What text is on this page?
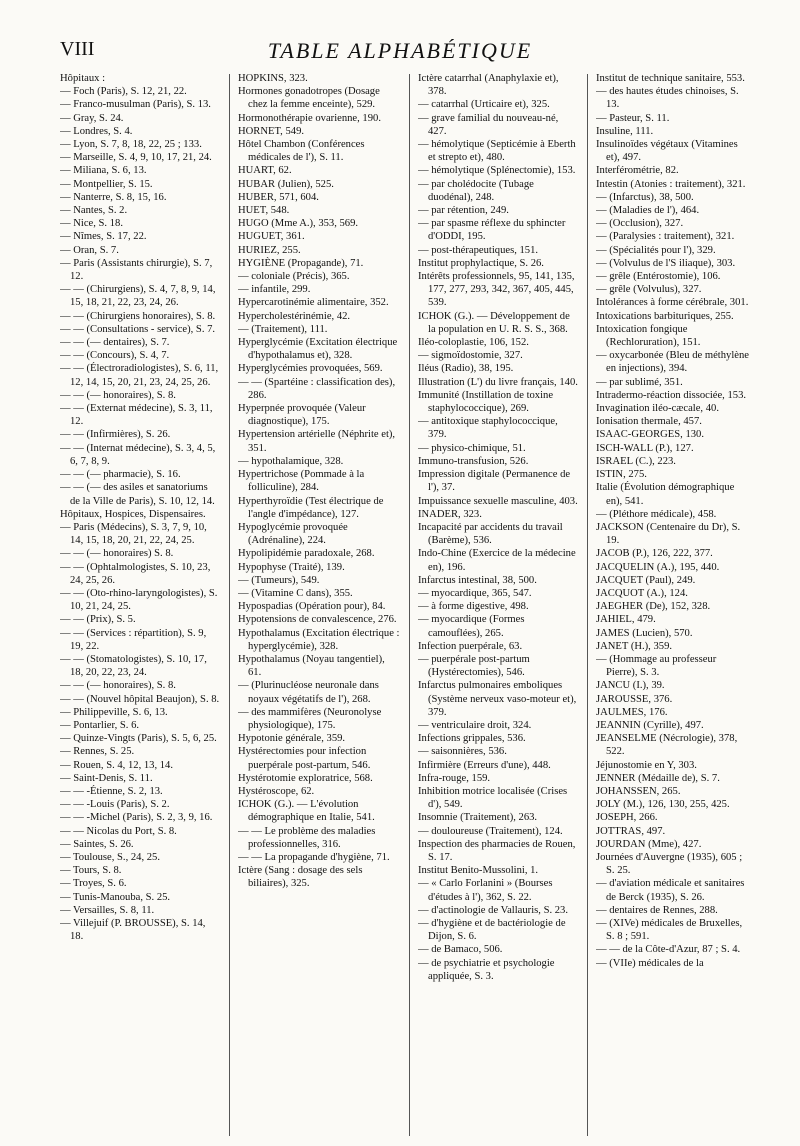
VIII	TABLE ALPHABÉTIQUE

Hôpitaux :

— Foch (Paris), S. 12, 21, 22.

— Franco-musulman (Paris), S. 13.

— Gray, S. 24.

— Londres, S. 4.

— Lyon, S. 7, 8, 18, 22, 25 ; 133.

— Marseille, S. 4, 9, 10, 17, 21, 24.

— Miliana, S. 6, 13.

— Montpellier, S. 15.

— Nanterre, S. 8, 15, 16.

— Nantes, S. 2.

— Nice, S. 18.

— Nîmes, S. 17, 22.

— Oran, S. 7.

— Paris (Assistants chirurgie), S. 7, 12.

— — (Chirurgiens), S. 4, 7, 8, 9, 14, 15, 18, 21, 22, 23, 24, 26.

— — (Chirurgiens honoraires), S. 8.

— — (Consultations - service), S. 7.

— — (— dentaires), S. 7.

— — (Concours), S. 4, 7.

— — (Électroradiologistes), S. 6, 11, 12, 14, 15, 20, 21, 23, 24, 25, 26.

— — (— honoraires), S. 8.

— — (Externat médecine), S. 3, 11, 12.

— — (Infirmières), S. 26.

— — (Internat médecine), S. 3, 4, 5, 6, 7, 8, 9.

— — (— pharmacie), S. 16.

— — (— des asiles et sanatoriums de la Ville de Paris), S. 10, 12, 14.

Hôpitaux, Hospices, Dispensaires.

— Paris (Médecins), S. 3, 7, 9, 10, 14, 15, 18, 20, 21, 22, 24, 25.

— — (— honoraires) S. 8.

— — (Ophtalmologistes, S. 10, 23, 24, 25, 26.

— — (Oto-rhino-laryngologistes), S. 10, 21, 24, 25.

— — (Prix), S. 5.

— — (Services : répartition), S. 9, 19, 22.

— — (Stomatologistes), S. 10, 17, 18, 20, 22, 23, 24.

— — (— honoraires), S. 8.

— — (Nouvel hôpital Beaujon), S. 8.

— Philippeville, S. 6, 13.

— Pontarlier, S. 6.

— Quinze-Vingts (Paris), S. 5, 6, 25.

— Rennes, S. 25.

— Rouen, S. 4, 12, 13, 14.

— Saint-Denis, S. 11.

— — -Étienne, S. 2, 13.

— — -Louis (Paris), S. 2.

— — -Michel (Paris), S. 2, 3, 9, 16.

— — Nicolas du Port, S. 8.

— Saintes, S. 26.

— Toulouse, S., 24, 25.

— Tours, S. 8.

— Troyes, S. 6.

— Tunis-Manouba, S. 25.

— Versailles, S. 8, 11.

— Villejuif (P. BROUSSE), S. 14, 18.

HOPKINS, 323.

Hormones gonadotropes (Dosage chez la femme enceinte), 529.

Hormonothérapie ovarienne, 190.

HORNET, 549.

Hôtel Chambon (Conférences médicales de l'), S. 11.

HUART, 62.

HUBAR (Julien), 525.

HUBER, 571, 604.

HUET, 548.

HUGO (Mme A.), 353, 569.

HUGUET, 361.

HURIEZ, 255.

HYGIÈNE (Propagande), 71.

— coloniale (Précis), 365.

— infantile, 299.

Hypercarotinémie alimentaire, 352.

Hypercholestérinémie, 42.

— (Traitement), 111.

Hyperglycémie (Excitation électrique d'hypothalamus et), 328.

Hyperglycémies provoquées, 569.

— — (Spartéine : classification des), 286.

Hyperpnée provoquée (Valeur diagnostique), 175.

Hypertension artérielle (Néphrite et), 351.

— hypothalamique, 328.

Hypertrichose (Pommade à la folliculine), 284.

Hyperthyroïdie (Test électrique de l'angle d'impédance), 127.

Hypoglycémie provoquée (Adrénaline), 224.

Hypolipidémie paradoxale, 268.

Hypophyse (Traité), 139.

— (Tumeurs), 549.

— (Vitamine C dans), 355.

Hypospadias (Opération pour), 84.

Hypotensions de convalescence, 276.

Hypothalamus (Excitation électrique : hyperglycémie), 328.

Hypothalamus (Noyau tangentiel), 61.

— (Plurinucléose neuronale dans noyaux végétatifs de l'), 268.

— des mammifères (Neuronolyse physiologique), 175.

Hypotonie générale, 359.

Hystérectomies pour infection puerpérale post-partum, 546.

Hystérotomie exploratrice, 568.

Hystéroscope, 62.

ICHOK (G.). — L'évolution démographique en Italie, 541.

— — Le problème des maladies professionnelles, 316.

— — La propagande d'hygiène, 71.

Ictère (Sang : dosage des sels biliaires), 325.

Ictère catarrhal (Anaphylaxie et), 378.

— catarrhal (Urticaire et), 325.

— grave familial du nouveau-né, 427.

— hémolytique (Septicémie à Eberth et strepto et), 480.

— hémolytique (Splénectomie), 153.

— par cholédocite (Tubage duodénal), 248.

— par rétention, 249.

— par spasme réflexe du sphincter d'ODDI, 195.

— post-thérapeutiques, 151.

Institut prophylactique, S. 26.

Intérêts professionnels, 95, 141, 135, 177, 277, 293, 342, 367, 405, 445, 539.

ICHOK (G.). — Développement de la population en U. R. S. S., 368.

Iléo-coloplastie, 106, 152.

— sigmoïdostomie, 327.

Iléus (Radio), 38, 195.

Illustration (L') du livre français, 140.

Immunité (Instillation de toxine staphylococcique), 269.

— antitoxique staphylococcique, 379.

— physico-chimique, 51.

Immuno-transfusion, 526.

Impression digitale (Permanence de l'), 37.

Impuissance sexuelle masculine, 403.

INADER, 323.

Incapacité par accidents du travail (Barème), 536.

Indo-Chine (Exercice de la médecine en), 196.

Infarctus intestinal, 38, 500.

— myocardique, 365, 547.

— à forme digestive, 498.

— myocardique (Formes camouflées), 265.

Infection puerpérale, 63.

— puerpérale post-partum (Hystérectomies), 546.

Infarctus pulmonaires emboliques (Système nerveux vaso-moteur et), 379.

— ventriculaire droit, 324.

Infections grippales, 536.

— saisonnières, 536.

Infirmière (Erreurs d'une), 448.

Infra-rouge, 159.

Inhibition motrice localisée (Crises d'), 549.

Insomnie (Traitement), 263.

— douloureuse (Traitement), 124.

Inspection des pharmacies de Rouen, S. 17.

Institut Benito-Mussolini, 1.

— « Carlo Forlanini » (Bourses d'études à l'), 362, S. 22.

— d'actinologie de Vallauris, S. 23.

— d'hygiène et de bactériologie de Dijon, S. 6.

— de Bamaco, 506.

— de psychiatrie et psychologie appliquée, S. 3.

Institut de technique sanitaire, 553.

— des hautes études chinoises, S. 13.

— Pasteur, S. 11.

Insuline, 111.

Insulinoïdes végétaux (Vitamines et), 497.

Interférométrie, 82.

Intestin (Atonies : traitement), 321.

— (Infarctus), 38, 500.

— (Maladies de l'), 464.

— (Occlusion), 327.

— (Paralysies : traitement), 321.

— (Spécialités pour l'), 329.

— (Volvulus de l'S iliaque), 303.

— grêle (Entérostomie), 106.

— grêle (Volvulus), 327.

Intolérances à forme cérébrale, 301.

Intoxications barbituriques, 255.

Intoxication fongique (Rechloruration), 151.

— oxycarbonée (Bleu de méthylène en injections), 394.

— par sublimé, 351.

Intradermo-réaction dissociée, 153.

Invagination iléo-cæcale, 40.

Ionisation thermale, 457.

ISAAC-GEORGES, 130.

ISCH-WALL (P.), 127.

ISRAEL (C.), 223.

ISTIN, 275.

Italie (Évolution démographique en), 541.

— (Pléthore médicale), 458.

JACKSON (Centenaire du Dr), S. 19.

JACOB (P.), 126, 222, 377.

JACQUELIN (A.), 195, 440.

JACQUET (Paul), 249.

JACQUOT (A.), 124.

JAEGHER (De), 152, 328.

JAHIEL, 479.

JAMES (Lucien), 570.

JANET (H.), 359.

— (Hommage au professeur Pierre), S. 3.

JANCU (I.), 39.

JAROUSSE, 376.

JAULMES, 176.

JEANNIN (Cyrille), 497.

JEANSELME (Nécrologie), 378, 522.

Jéjunostomie en Y, 303.

JENNER (Médaille de), S. 7.

JOHANSSEN, 265.

JOLY (M.), 126, 130, 255, 425.

JOSEPH, 266.

JOTTRAS, 497.

JOURDAN (Mme), 427.

Journées d'Auvergne (1935), 605 ; S. 25.

— d'aviation médicale et sanitaires de Berck (1935), S. 26.

— dentaires de Rennes, 288.

— (XIVe) médicales de Bruxelles, S. 8 ; 591.

— — de la Côte-d'Azur, 87 ; S. 4.

— (VIIe) médicales de la
